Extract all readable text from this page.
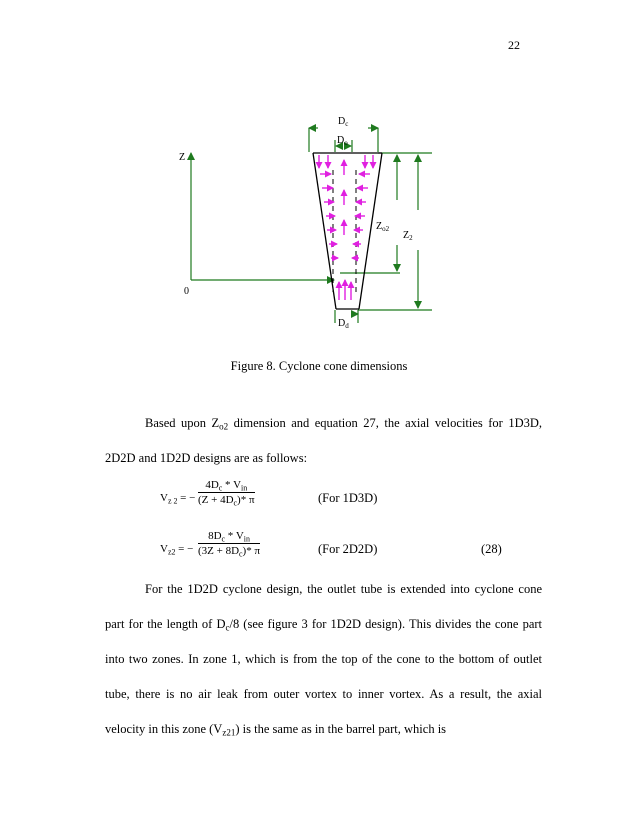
22
$D_c$
$D_o$
Z
0
$Z_{o2}$
$Z_2$
$D_d$
Figure 8. Cyclone cone dimensions

Based upon $Z_{o2}$ dimension and equation 27, the axial velocities for 1D3D, 2D2D and 1D2D designs are as follows:

$V_{z 2}$ = −
$4D_c * V_{in}$
$(Z + 4D_c)*$ π	(For 1D3D)
$V_{z2}$ = −
$8D_c * V_{in}$
$(3Z + 8D_c)*$ π	(For 2D2D)	(28)

For the 1D2D cyclone design, the outlet tube is extended into cyclone cone part for the length of $D_c/8$ (see figure 3 for 1D2D design). This divides the cone part into two zones. In zone 1, which is from the top of the cone to the bottom of outlet tube, there is no air leak from outer vortex to inner vortex. As a result, the axial velocity in this zone $(V_{z21})$ is the same as in the barrel part, which is
